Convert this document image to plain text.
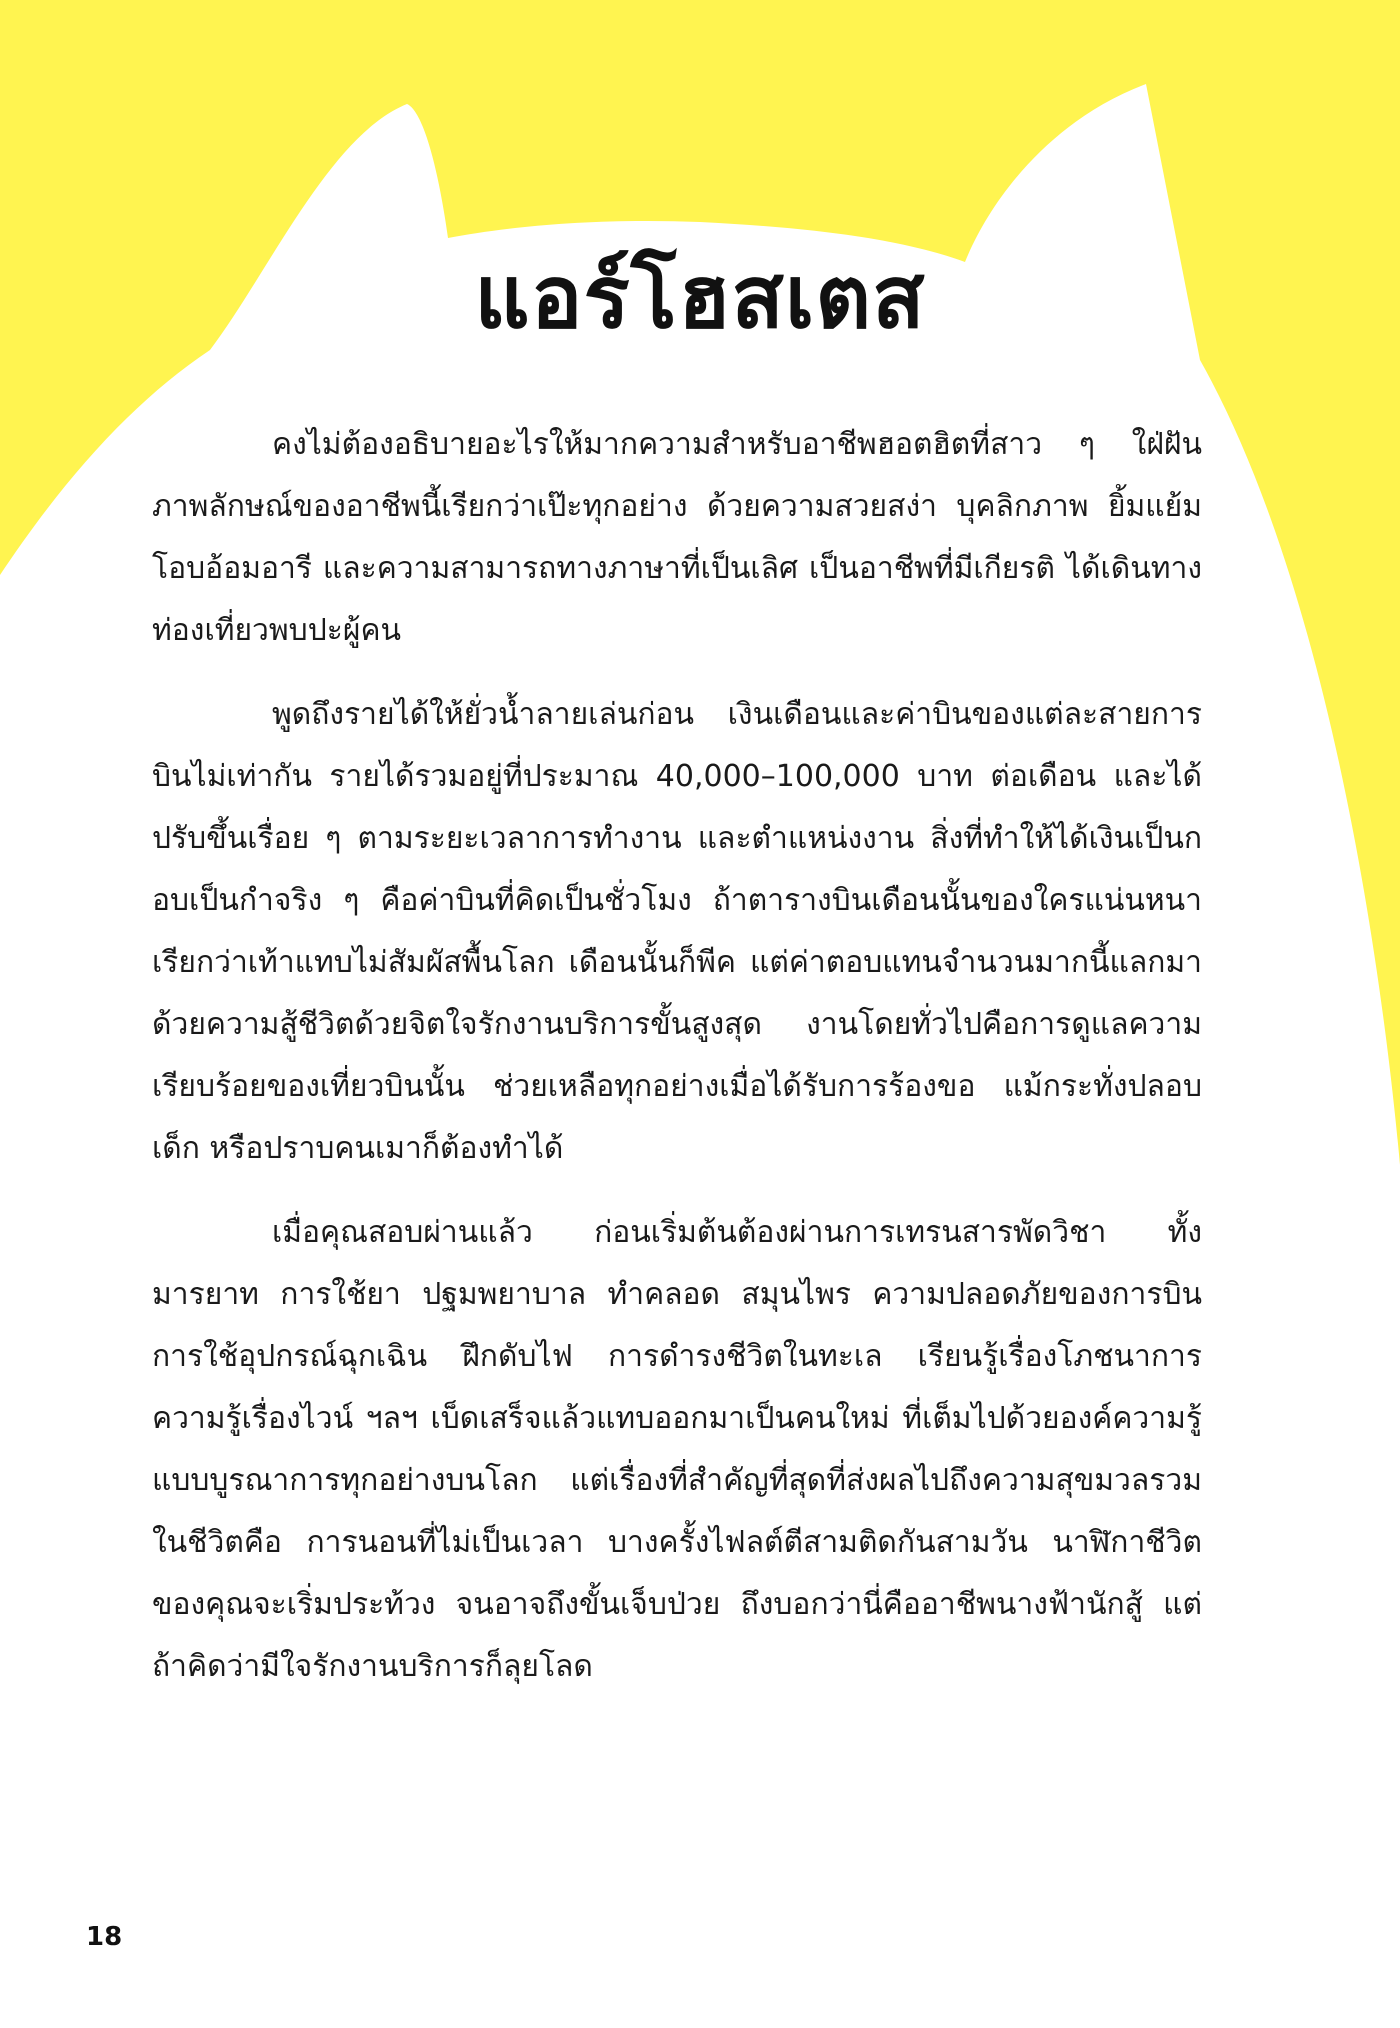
แอร์โฮสเตส

คงไม่ต้องอธิบายอะไรให้มากความสำหรับอาชีพฮอตฮิตที่สาว ๆ ใฝ่ฝัน ภาพลักษณ์ของอาชีพนี้เรียกว่าเป๊ะทุกอย่าง ด้วยความสวยสง่า บุคลิกภาพ ยิ้มแย้มโอบอ้อมอารี และความสามารถทางภาษาที่เป็นเลิศ เป็นอาชีพที่มีเกียรติ ได้เดินทางท่องเที่ยวพบปะผู้คน

พูดถึงรายได้ให้ยั่วน้ำลายเล่นก่อน เงินเดือนและค่าบินของแต่ละสายการบินไม่เท่ากัน รายได้รวมอยู่ที่ประมาณ 40,000–100,000 บาท ต่อเดือน และได้ปรับขึ้นเรื่อย ๆ ตามระยะเวลาการทำงาน และตำแหน่งงาน สิ่งที่ทำให้ได้เงินเป็นกอบเป็นกำจริง ๆ คือค่าบินที่คิดเป็นชั่วโมง ถ้าตารางบินเดือนนั้นของใครแน่นหนาเรียกว่าเท้าแทบไม่สัมผัสพื้นโลก เดือนนั้นก็พีค แต่ค่าตอบแทนจำนวนมากนี้แลกมาด้วยความสู้ชีวิตด้วยจิตใจรักงานบริการขั้นสูงสุด งานโดยทั่วไปคือการดูแลความเรียบร้อยของเที่ยวบินนั้น ช่วยเหลือทุกอย่างเมื่อได้รับการร้องขอ แม้กระทั่งปลอบเด็ก หรือปราบคนเมาก็ต้องทำได้

เมื่อคุณสอบผ่านแล้ว ก่อนเริ่มต้นต้องผ่านการเทรนสารพัดวิชา ทั้งมารยาท การใช้ยา ปฐมพยาบาล ทำคลอด สมุนไพร ความปลอดภัยของการบิน การใช้อุปกรณ์ฉุกเฉิน ฝึกดับไฟ การดำรงชีวิตในทะเล เรียนรู้เรื่องโภชนาการ ความรู้เรื่องไวน์ ฯลฯ เบ็ดเสร็จแล้วแทบออกมาเป็นคนใหม่ ที่เต็มไปด้วยองค์ความรู้แบบบูรณาการทุกอย่างบนโลก แต่เรื่องที่สำคัญที่สุดที่ส่งผลไปถึงความสุขมวลรวมในชีวิตคือ การนอนที่ไม่เป็นเวลา บางครั้งไฟลต์ตีสามติดกันสามวัน นาฬิกาชีวิตของคุณจะเริ่มประท้วง จนอาจถึงขั้นเจ็บป่วย ถึงบอกว่านี่คืออาชีพนางฟ้านักสู้ แต่ถ้าคิดว่ามีใจรักงานบริการก็ลุยโลด

18
